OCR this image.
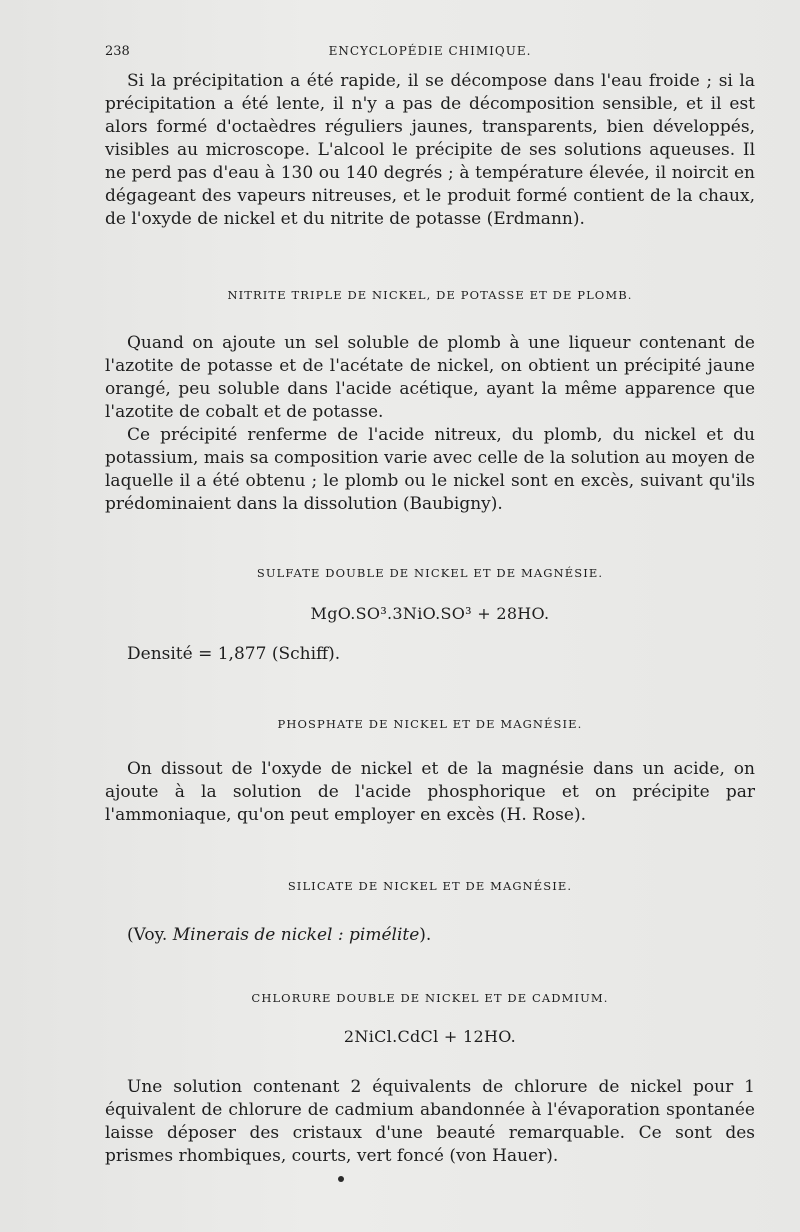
238	ENCYCLOPÉDIE CHIMIQUE.

Si la précipitation a été rapide, il se décompose dans l'eau froide ; si la précipitation a été lente, il n'y a pas de décomposition sensible, et il est alors formé d'octaèdres réguliers jaunes, transparents, bien développés, visibles au microscope. L'alcool le précipite de ses solutions aqueuses. Il ne perd pas d'eau à 130 ou 140 degrés ; à température élevée, il noircit en dégageant des vapeurs nitreuses, et le produit formé contient de la chaux, de l'oxyde de nickel et du nitrite de potasse (Erdmann).

NITRITE TRIPLE DE NICKEL, DE POTASSE ET DE PLOMB.

Quand on ajoute un sel soluble de plomb à une liqueur contenant de l'azotite de potasse et de l'acétate de nickel, on obtient un précipité jaune orangé, peu soluble dans l'acide acétique, ayant la même apparence que l'azotite de cobalt et de potasse.

Ce précipité renferme de l'acide nitreux, du plomb, du nickel et du potassium, mais sa composition varie avec celle de la solution au moyen de laquelle il a été obtenu ; le plomb ou le nickel sont en excès, suivant qu'ils prédominaient dans la dissolution (Baubigny).

SULFATE DOUBLE DE NICKEL ET DE MAGNÉSIE.

MgO.SO³.3NiO.SO³ + 28HO.

Densité = 1,877 (Schiff).

PHOSPHATE DE NICKEL ET DE MAGNÉSIE.

On dissout de l'oxyde de nickel et de la magnésie dans un acide, on ajoute à la solution de l'acide phosphorique et on précipite par l'ammoniaque, qu'on peut employer en excès (H. Rose).

SILICATE DE NICKEL ET DE MAGNÉSIE.

(Voy. Minerais de nickel : pimélite).

CHLORURE DOUBLE DE NICKEL ET DE CADMIUM.

2NiCl.CdCl + 12HO.

Une solution contenant 2 équivalents de chlorure de nickel pour 1 équivalent de chlorure de cadmium abandonnée à l'évaporation spontanée laisse déposer des cristaux d'une beauté remarquable. Ce sont des prismes rhombiques, courts, vert foncé (von Hauer).
